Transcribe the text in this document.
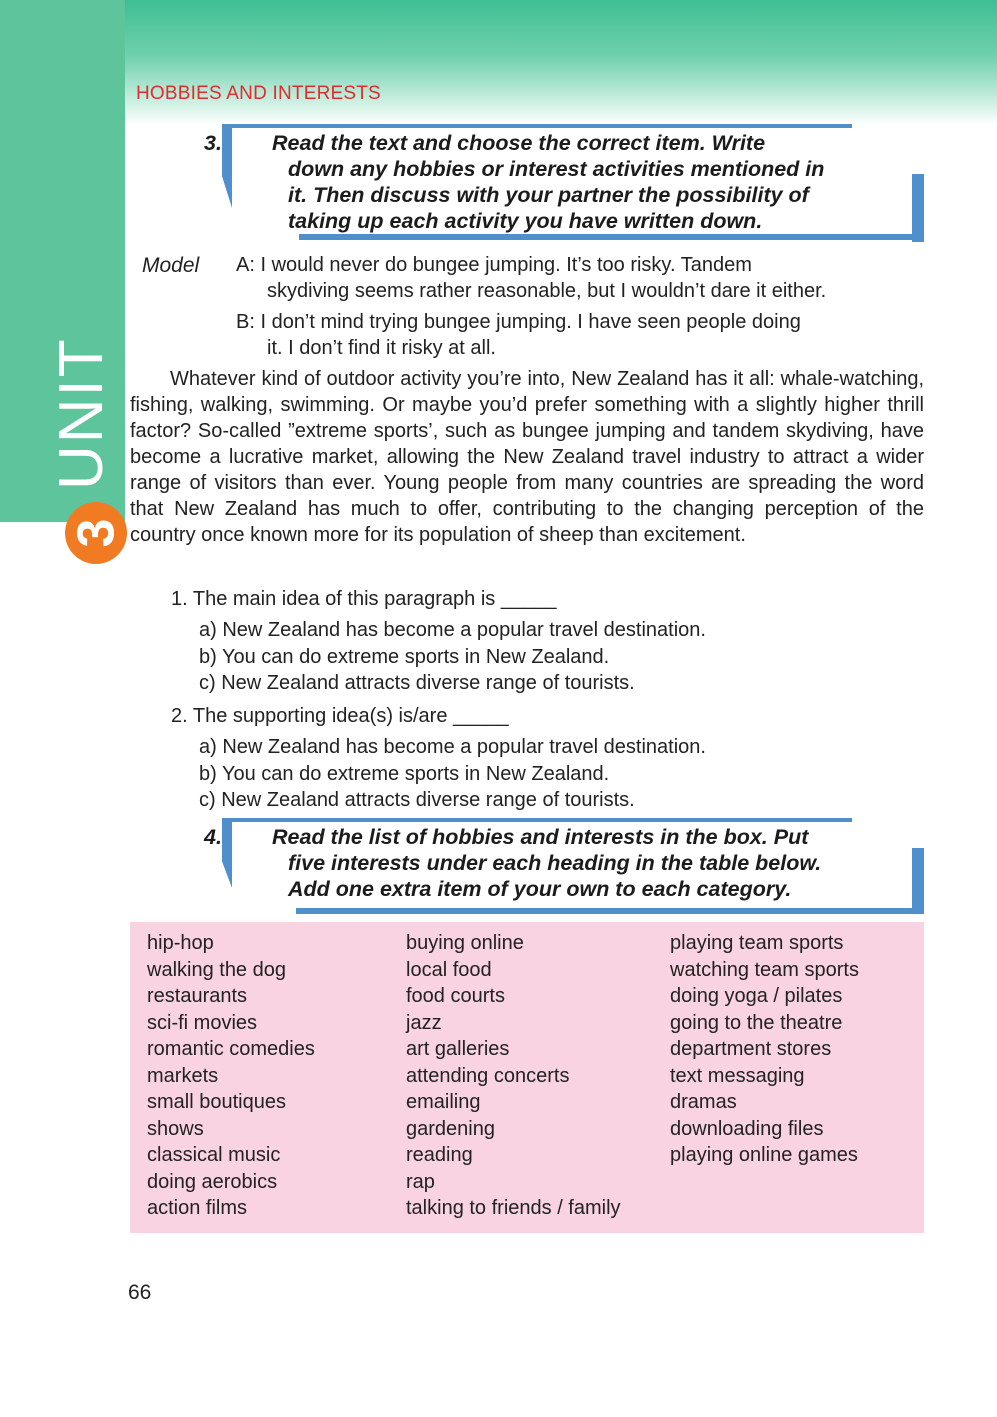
UNIT
3
HOBBIES AND INTERESTS
3. Read the text and choose the correct item. Write
down any hobbies or interest activities mentioned in
it. Then discuss with your partner the possibility of
taking up each activity you have written down.
Model A: I would never do bungee jumping. It’s too risky. Tandem
skydiving seems rather reasonable, but I wouldn’t dare it either.
B: I don’t mind trying bungee jumping. I have seen people doing
it. I don’t find it risky at all.
Whatever kind of outdoor activity you’re into, New Zealand has it all: whale-watching, fishing, walking, swimming. Or maybe you’d prefer something with a slightly higher thrill factor? So-called ”extreme sports’, such as bungee jumping and tandem skydiving, have become a lucrative market, allowing the New Zealand travel industry to attract a wider range of visitors than ever. Young people from many countries are spreading the word that New Zealand has much to offer, contributing to the changing perception of the country once known more for its population of sheep than excitement.
1. The main idea of this paragraph is _____
a) New Zealand has become a popular travel destination.
b) You can do extreme sports in New Zealand.
c) New Zealand attracts diverse range of tourists.
2. The supporting idea(s) is/are _____
a) New Zealand has become a popular travel destination.
b) You can do extreme sports in New Zealand.
c) New Zealand attracts diverse range of tourists.
4. Read the list of hobbies and interests in the box. Put
five interests under each heading in the table below.
Add one extra item of your own to each category.
hip-hop
walking the dog
restaurants
sci-fi movies
romantic comedies
markets
small boutiques
shows
classical music
doing aerobics
action films
buying online
local food
food courts
jazz
art galleries
attending concerts
emailing
gardening
reading
rap
talking to friends / family
playing team sports
watching team sports
doing yoga / pilates
going to the theatre
department stores
text messaging
dramas
downloading files
playing online games
66
